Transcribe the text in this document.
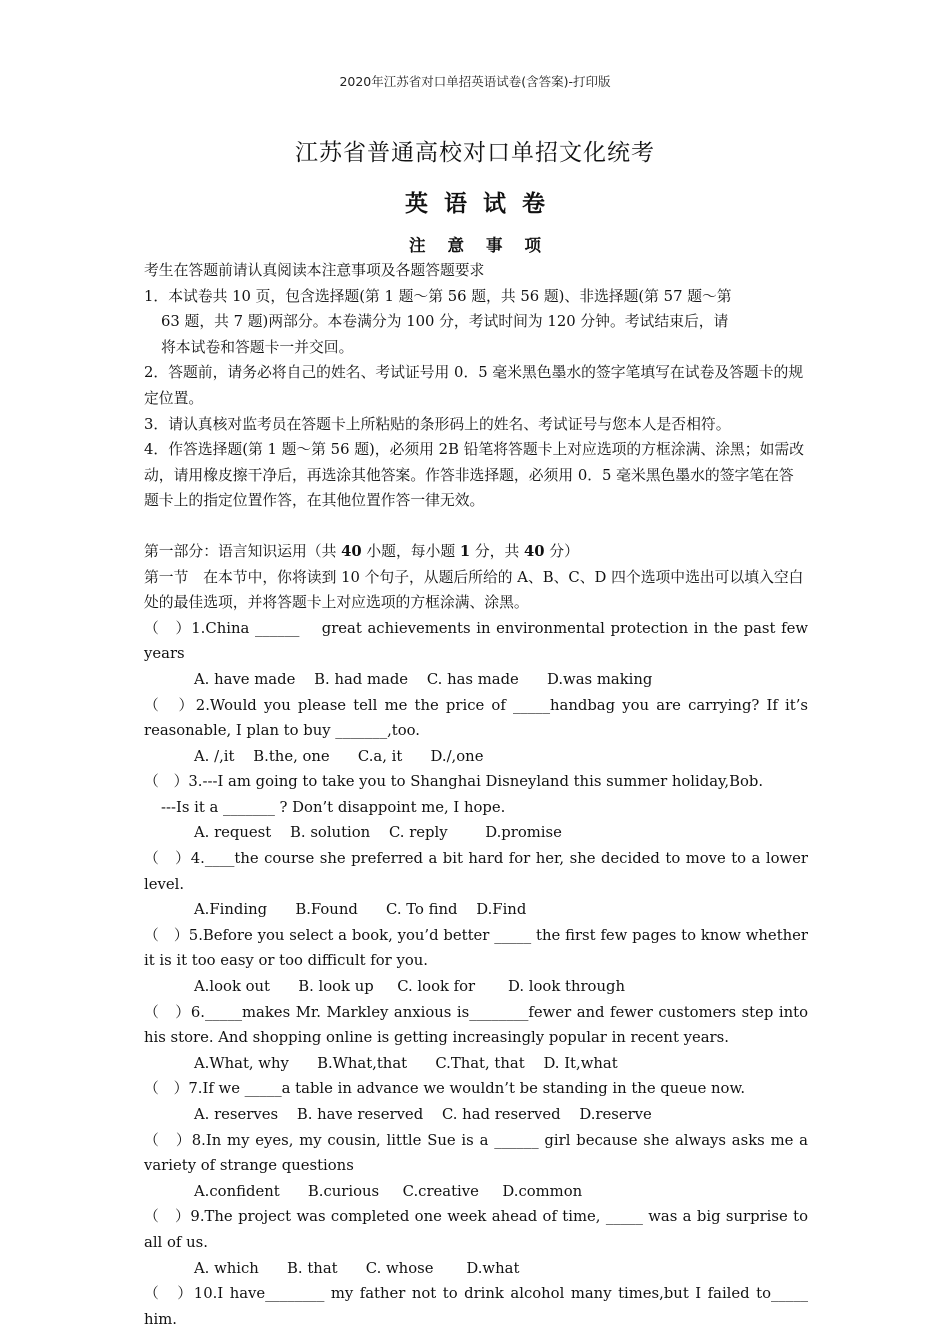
2020年江苏省对口单招英语试卷(含答案)-打印版
江苏省普通高校对口单招文化统考
英语试卷
注意事项

考生在答题前请认真阅读本注意事项及各题答题要求

1．本试卷共 10 页，包含选择题(第 1 题～第 56 题，共 56 题)、非选择题(第 57 题～第

63 题，共 7 题)两部分。本卷满分为 100 分，考试时间为 120 分钟。考试结束后，请

将本试卷和答题卡一并交回。

2．答题前，请务必将自己的姓名、考试证号用 0．5 毫米黑色墨水的签字笔填写在试卷及答题卡的规定位置。

3．请认真核对监考员在答题卡上所粘贴的条形码上的姓名、考试证号与您本人是否相符。

4．作答选择题(第 1 题～第 56 题)，必须用 2B 铅笔将答题卡上对应选项的方框涂满、涂黑；如需改动，请用橡皮擦干净后，再选涂其他答案。作答非选择题，必须用 0．5 毫米黑色墨水的签字笔在答题卡上的指定位置作答，在其他位置作答一律无效。

第一部分：语言知识运用（共 40 小题，每小题 1 分，共 40 分）

第一节　在本节中，你将读到 10 个句子，从题后所给的 A、B、C、D 四个选项中选出可以填入空白处的最佳选项，并将答题卡上对应选项的方框涂满、涂黑。

（　）1.China ______　 great achievements in environmental protection in the past few years

A. have made    B. had made    C. has made      D.was making

（　）2.Would you please tell me the price of _____handbag you are carrying? If it’s reasonable, I plan to buy _______,too.

A. /,it    B.the, one      C.a, it      D./,one

（　）3.---I am going to take you to Shanghai Disneyland this summer holiday,Bob.

---Is it a _______ ? Don’t disappoint me, I hope.

A. request    B. solution    C. reply        D.promise

（　）4.____the course she preferred a bit hard for her, she decided to move to a lower level.

A.Finding      B.Found      C. To find    D.Find

（　）5.Before you select a book, you’d better _____ the first few pages to know whether it is it too easy or too difficult for you.

A.look out      B. look up     C. look for       D. look through

（　）6._____makes Mr. Markley anxious is________fewer and fewer customers step into his store. And shopping online is getting increasingly popular in recent years.

A.What, why      B.What,that      C.That, that    D. It,what

（　）7.If we _____a table in advance we wouldn’t be standing in the queue now.

A. reserves    B. have reserved    C. had reserved    D.reserve

（　）8.In my eyes, my cousin, little Sue is a ______ girl because she always asks me a variety of strange questions

A.confident      B.curious     C.creative     D.common

（　）9.The project was completed one week ahead of time, _____ was a big surprise to all of us.

A. which      B. that      C. whose       D.what

（　）10.I have________ my father not to drink alcohol many times,but I failed to_____ him.
